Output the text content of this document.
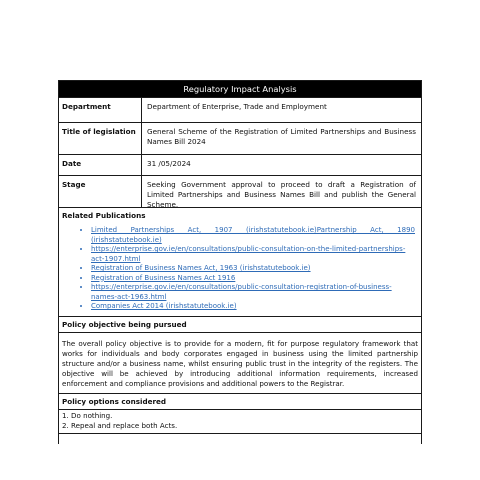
Regulatory Impact Analysis
Department	Department of Enterprise, Trade and Employment
Title of legislation	General Scheme of the Registration of Limited Partnerships and Business Names Bill 2024
Date	31 /05/2024
Stage	Seeking Government approval to proceed to draft a Registration of Limited Partnerships and Business Names Bill and publish the General Scheme.
Related Publications
• Limited Partnerships Act, 1907 (irishstatutebook.ie)Partnership Act, 1890 (irishstatutebook.ie)
• https://enterprise.gov.ie/en/consultations/public-consultation-on-the-limited-partnerships-act-1907.html
• Registration of Business Names Act, 1963 (irishstatutebook.ie)
• Registration of Business Names Act 1916
• https://enterprise.gov.ie/en/consultations/public-consultation-registration-of-business-names-act-1963.html
• Companies Act 2014 (irishstatutebook.ie)
Policy objective being pursued
The overall policy objective is to provide for a modern, fit for purpose regulatory framework that works for individuals and body corporates engaged in business using the limited partnership structure and/or a business name, whilst ensuring public trust in the integrity of the registers. The objective will be achieved by introducing additional information requirements, increased enforcement and compliance provisions and additional powers to the Registrar.
Policy options considered
1. Do nothing.
2. Repeal and replace both Acts.
